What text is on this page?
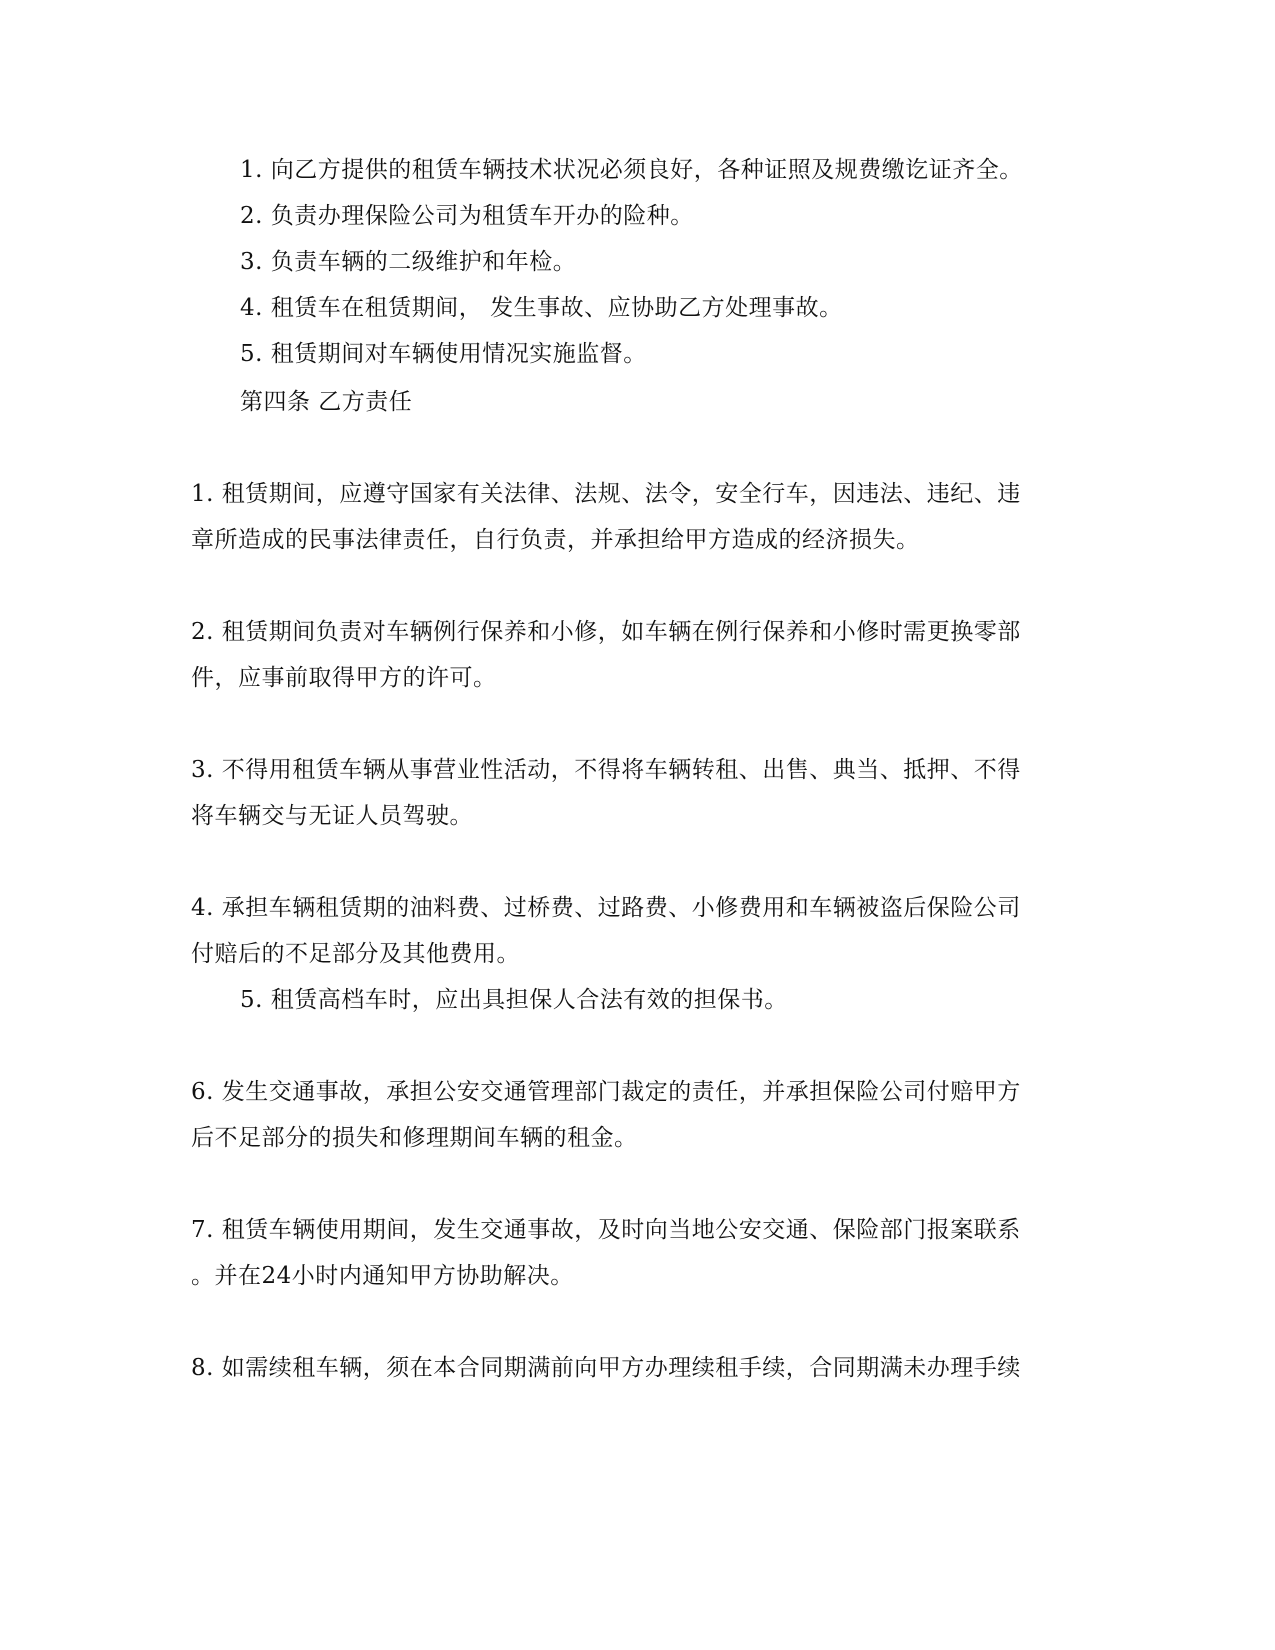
1. 向乙方提供的租赁车辆技术状况必须良好，各种证照及规费缴讫证齐全。
2. 负责办理保险公司为租赁车开办的险种。
3. 负责车辆的二级维护和年检。
4. 租赁车在租赁期间， 发生事故、应协助乙方处理事故。
5. 租赁期间对车辆使用情况实施监督。
第四条 乙方责任
1. 租赁期间，应遵守国家有关法律、法规、法令，安全行车，因违法、违纪、违
章所造成的民事法律责任，自行负责，并承担给甲方造成的经济损失。
2. 租赁期间负责对车辆例行保养和小修，如车辆在例行保养和小修时需更换零部
件，应事前取得甲方的许可。
3. 不得用租赁车辆从事营业性活动，不得将车辆转租、出售、典当、抵押、不得
将车辆交与无证人员驾驶。
4. 承担车辆租赁期的油料费、过桥费、过路费、小修费用和车辆被盗后保险公司
付赔后的不足部分及其他费用。
5. 租赁高档车时，应出具担保人合法有效的担保书。
6. 发生交通事故，承担公安交通管理部门裁定的责任，并承担保险公司付赔甲方
后不足部分的损失和修理期间车辆的租金。
7. 租赁车辆使用期间，发生交通事故，及时向当地公安交通、保险部门报案联系
。并在24小时内通知甲方协助解决。
8. 如需续租车辆，须在本合同期满前向甲方办理续租手续，合同期满未办理手续
